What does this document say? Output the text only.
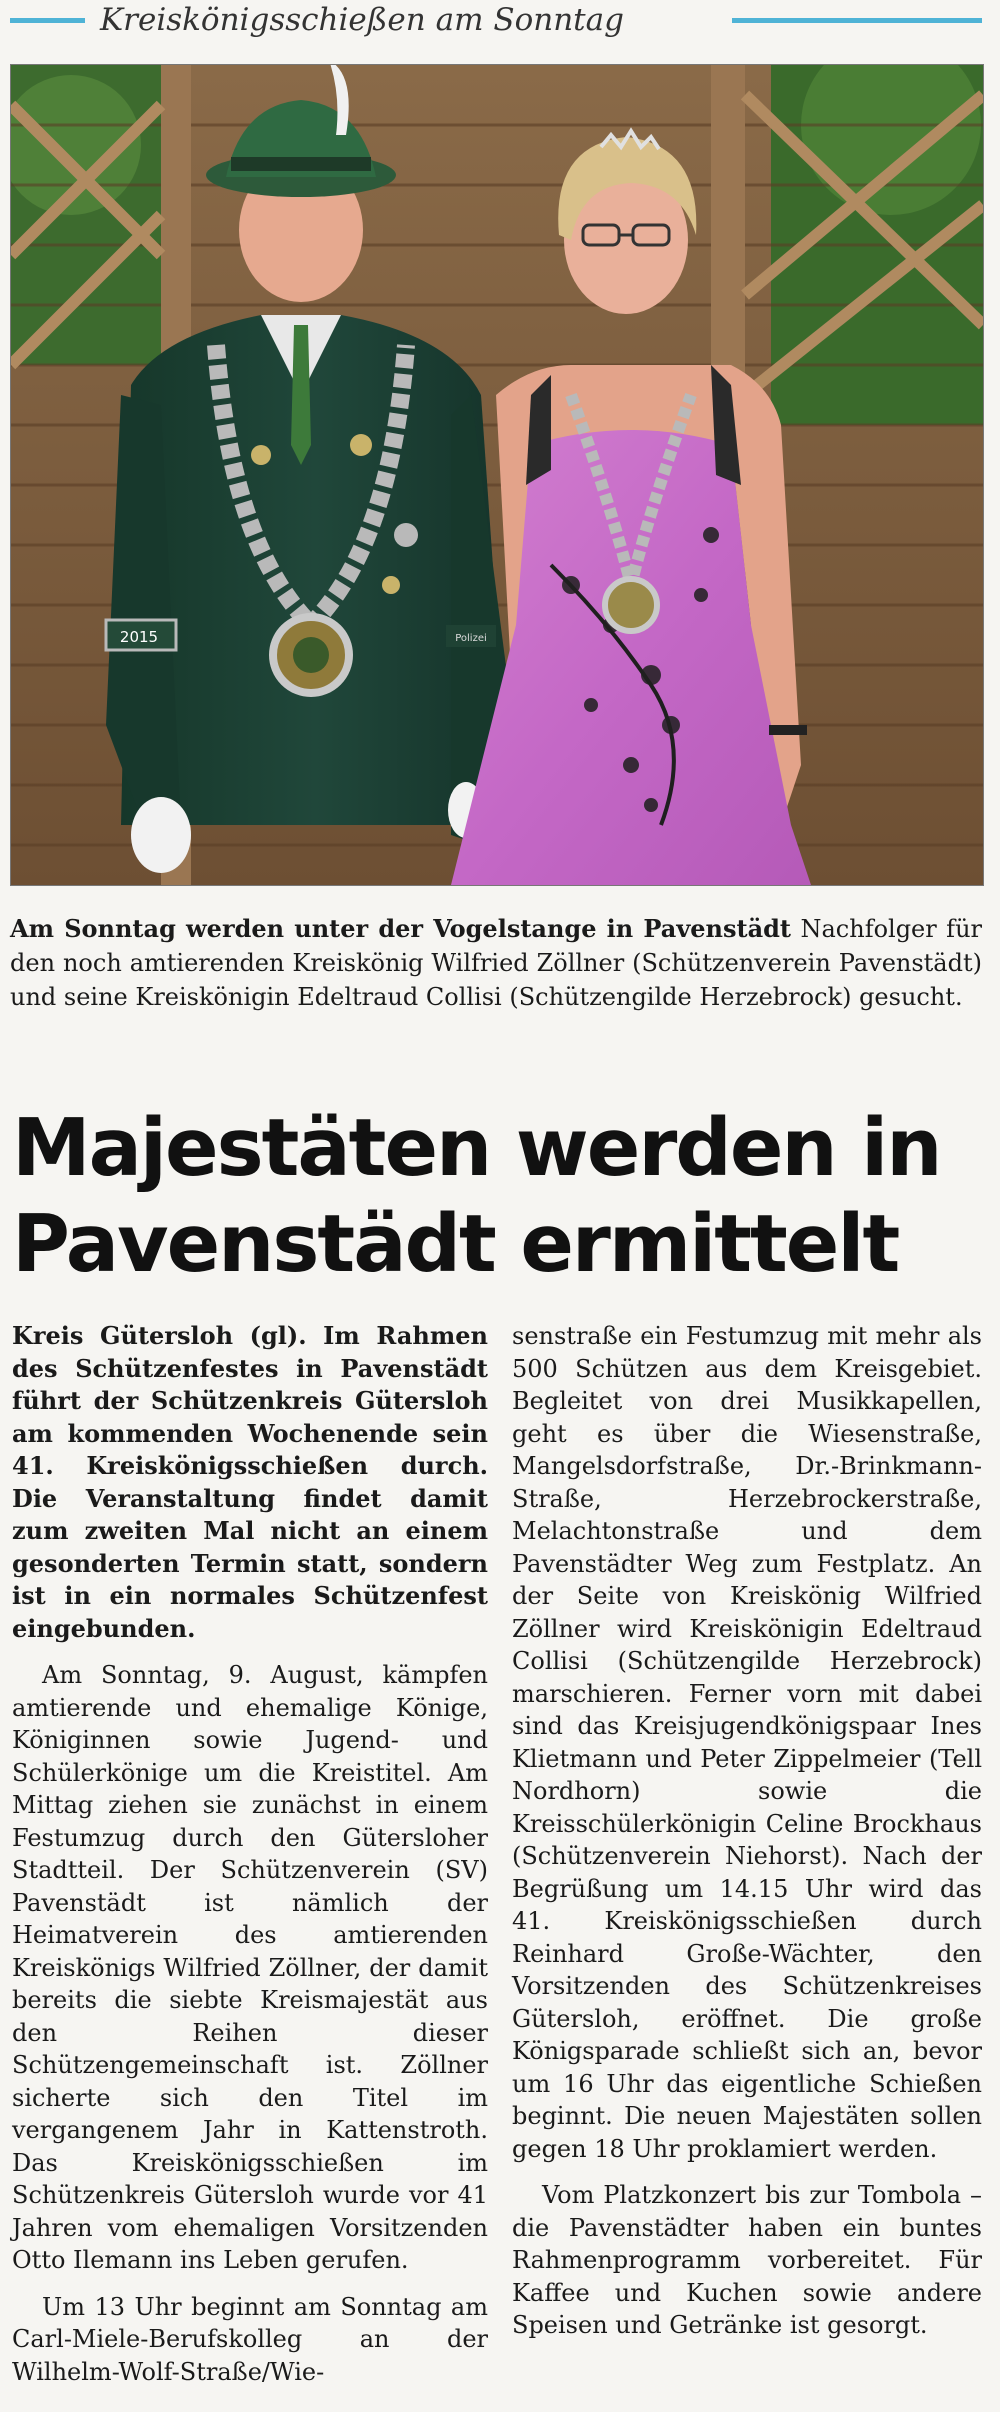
Kreiskönigsschießen am Sonntag
2015	Polizei
Am Sonntag werden unter der Vogelstange in Pavenstädt Nachfolger für den noch amtierenden Kreiskönig Wilfried Zöllner (Schützenverein Pavenstädt) und seine Kreiskönigin Edeltraud Collisi (Schützengilde Herzebrock) gesucht.
Majestäten werden in
Pavenstädt ermittelt

Kreis Gütersloh (gl). Im Rahmen des Schützenfestes in Pavenstädt führt der Schützenkreis Gütersloh am kommenden Wochenende sein 41. Kreiskönigsschießen durch. Die Veranstaltung findet damit zum zweiten Mal nicht an einem gesonderten Termin statt, sondern ist in ein normales Schützenfest eingebunden.

Am Sonntag, 9. August, kämpfen amtierende und ehemalige Könige, Königinnen sowie Jugend- und Schülerkönige um die Kreistitel. Am Mittag ziehen sie zunächst in einem Festumzug durch den Gütersloher Stadtteil. Der Schützenverein (SV) Pavenstädt ist nämlich der Heimatverein des amtierenden Kreiskönigs Wilfried Zöllner, der damit bereits die siebte Kreismajestät aus den Reihen dieser Schützengemeinschaft ist. Zöllner sicherte sich den Titel im vergangenem Jahr in Kattenstroth. Das Kreiskönigsschießen im Schützenkreis Gütersloh wurde vor 41 Jahren vom ehemaligen Vorsitzenden Otto Ilemann ins Leben gerufen.

Um 13 Uhr beginnt am Sonntag am Carl-Miele-Berufskolleg an der Wilhelm-Wolf-Straße/Wie-

senstraße ein Festumzug mit mehr als 500 Schützen aus dem Kreisgebiet. Begleitet von drei Musikkapellen, geht es über die Wiesenstraße, Mangelsdorfstraße, Dr.-Brinkmann-Straße, Herzebrockerstraße, Melachtonstraße und dem Pavenstädter Weg zum Festplatz. An der Seite von Kreiskönig Wilfried Zöllner wird Kreiskönigin Edeltraud Collisi (Schützengilde Herzebrock) marschieren. Ferner vorn mit dabei sind das Kreisjugendkönigspaar Ines Klietmann und Peter Zippelmeier (Tell Nordhorn) sowie die Kreisschülerkönigin Celine Brockhaus (Schützenverein Niehorst). Nach der Begrüßung um 14.15 Uhr wird das 41. Kreiskönigsschießen durch Reinhard Große-Wächter, den Vorsitzenden des Schützenkreises Gütersloh, eröffnet. Die große Königsparade schließt sich an, bevor um 16 Uhr das eigentliche Schießen beginnt. Die neuen Majestäten sollen gegen 18 Uhr proklamiert werden.

Vom Platzkonzert bis zur Tombola – die Pavenstädter haben ein buntes Rahmenprogramm vorbereitet. Für Kaffee und Kuchen sowie andere Speisen und Getränke ist gesorgt.
